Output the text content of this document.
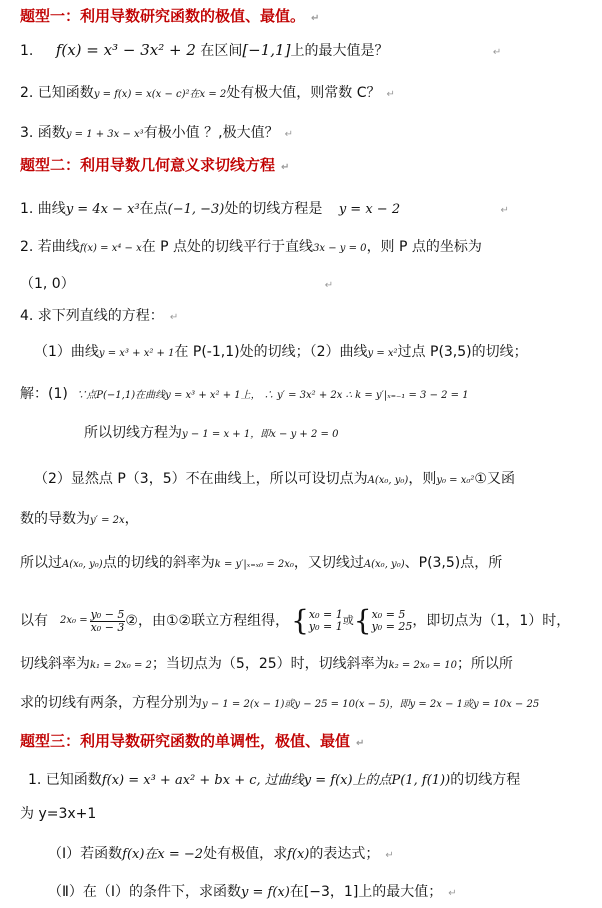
题型一：利用导数研究函数的极值、最值。 ↵
1. f(x) = x³ − 3x² + 2 在区间[−1,1]上的最大值是？	↵
2. 已知函数y = f(x) = x(x − c)²在x = 2处有极大值，则常数 C？ ↵
3. 函数y = 1 + 3x − x³有极小值 ？,极大值？ ↵
题型二：利用导数几何意义求切线方程 ↵
1. 曲线y = 4x − x³在点(−1, −3)处的切线方程是 y = x − 2	↵
2. 若曲线f(x) = x⁴ − x在 P 点处的切线平行于直线3x − y = 0，则 P 点的坐标为
（1, 0）	↵
4. 求下列直线的方程： ↵
（1）曲线y = x³ + x² + 1在 P(-1,1)处的切线；（2）曲线y = x²过点 P(3,5)的切线；
解：(1) ∵点P(−1,1)在曲线y = x³ + x² + 1上， ∴ y′ = 3x² + 2x ∴ k = y′|ₓ₌₋₁ = 3 − 2 = 1
所以切线方程为y − 1 = x + 1，即x − y + 2 = 0
（2）显然点 P（3，5）不在曲线上，所以可设切点为A(x₀, y₀)，则y₀ = x₀²①又函
数的导数为y′ = 2x，
所以过A(x₀, y₀)点的切线的斜率为k = y′|ₓ₌ₓ₀ = 2x₀，又切线过A(x₀, y₀)、P(3,5)点，所
以有 $2x_0 = \frac{\text{y₀ − 5}}{\text{x₀ − 3}}$ ②，由①②联立方程组得， { x₀ = 1
y₀ = 1 或 { x₀ = 5
y₀ = 25 ，即切点为（1，1）时，
切线斜率为k₁ = 2x₀ = 2；当切点为（5，25）时，切线斜率为k₂ = 2x₀ = 10；所以所
求的切线有两条，方程分别为y − 1 = 2(x − 1)或y − 25 = 10(x − 5)，即y = 2x − 1或y = 10x − 25
题型三：利用导数研究函数的单调性，极值、最值 ↵
1. 已知函数f(x) = x³ + ax² + bx + c, 过曲线y = f(x)上的点P(1, f(1))的切线方程
为 y=3x+1
（Ⅰ）若函数f(x)在x = −2处有极值，求f(x)的表达式； ↵
（Ⅱ）在（Ⅰ）的条件下，求函数y = f(x)在[−3，1]上的最大值； ↵
